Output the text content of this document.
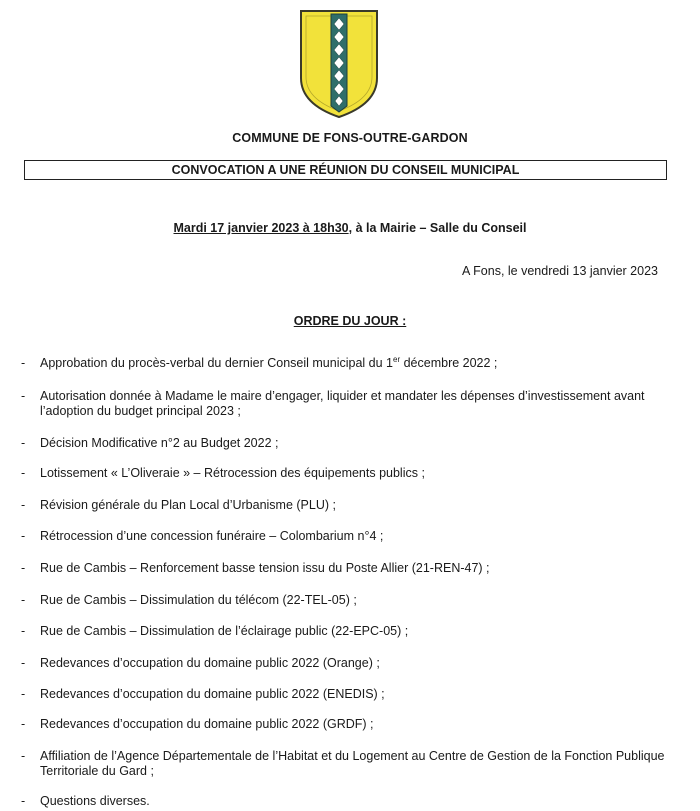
COMMUNE DE FONS-OUTRE-GARDON
CONVOCATION A UNE RÉUNION DU CONSEIL MUNICIPAL
Mardi 17 janvier 2023 à 18h30, à la Mairie – Salle du Conseil
A Fons, le vendredi 13 janvier 2023
ORDRE DU JOUR :
- Approbation du procès-verbal du dernier Conseil municipal du 1er décembre 2022 ;
- Autorisation donnée à Madame le maire d’engager, liquider et mandater les dépenses d’investissement avant l’adoption du budget principal 2023 ;
- Décision Modificative n°2 au Budget 2022 ;
- Lotissement « L’Oliveraie » – Rétrocession des équipements publics ;
- Révision générale du Plan Local d’Urbanisme (PLU) ;
- Rétrocession d’une concession funéraire – Colombarium n°4 ;
- Rue de Cambis – Renforcement basse tension issu du Poste Allier (21-REN-47) ;
- Rue de Cambis – Dissimulation du télécom (22-TEL-05) ;
- Rue de Cambis – Dissimulation de l’éclairage public (22-EPC-05) ;
- Redevances d’occupation du domaine public 2022 (Orange) ;
- Redevances d’occupation du domaine public 2022 (ENEDIS) ;
- Redevances d’occupation du domaine public 2022 (GRDF) ;
- Affiliation de l’Agence Départementale de l’Habitat et du Logement au Centre de Gestion de la Fonction Publique Territoriale du Gard ;
- Questions diverses.
